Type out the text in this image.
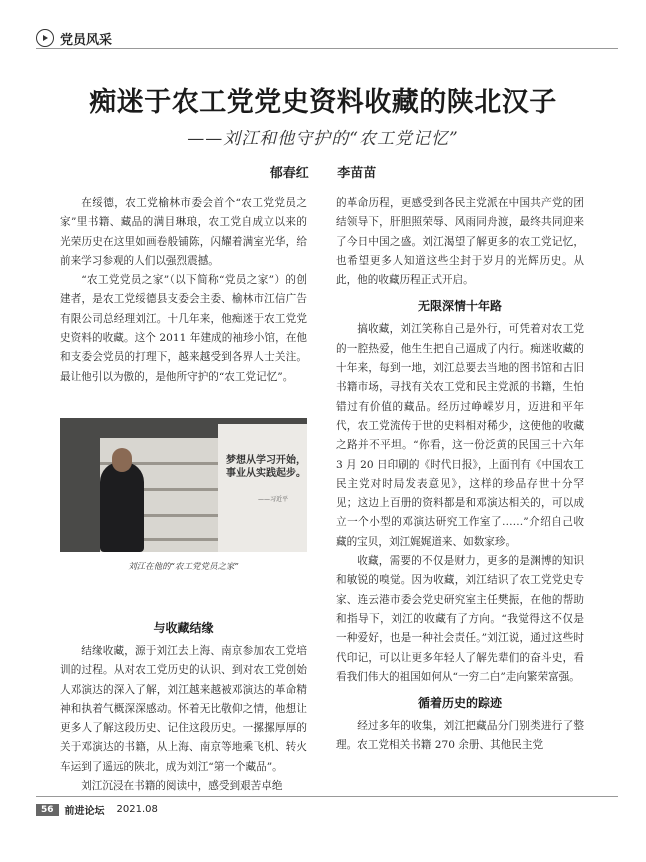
党员风采
痴迷于农工党党史资料收藏的陕北汉子
——刘江和他守护的“农工党记忆”
郁春红 李苗苗

在绥德，农工党榆林市委会首个“农工党党员之家”里书籍、藏品的满目琳琅，农工党自成立以来的光荣历史在这里如画卷般铺陈，闪耀着满室光华，给前来学习参观的人们以强烈震撼。

“农工党党员之家”（以下简称“党员之家”）的创建者，是农工党绥德县支委会主委、榆林市江信广告有限公司总经理刘江。十几年来，他痴迷于农工党党史资料的收藏。这个 2011 年建成的袖珍小馆，在他和支委会党员的打理下，越来越受到各界人士关注。最让他引以为傲的，是他所守护的“农工党记忆”。

梦想从学习开始，
事业从实践起步。
——习近平
刘江在他的“农工党党员之家”
与收藏结缘

结缘收藏，源于刘江去上海、南京参加农工党培训的过程。从对农工党历史的认识、到对农工党创始人邓演达的深入了解，刘江越来越被邓演达的革命精神和执着气概深深感动。怀着无比敬仰之情，他想让更多人了解这段历史、记住这段历史。一摞摞厚厚的关于邓演达的书籍，从上海、南京等地乘飞机、转火车运到了遥远的陕北，成为刘江“第一个藏品”。

刘江沉浸在书籍的阅读中，感受到艰苦卓绝

的革命历程，更感受到各民主党派在中国共产党的团结领导下，肝胆照荣辱、风雨同舟渡，最终共同迎来了今日中国之盛。刘江渴望了解更多的农工党记忆，也希望更多人知道这些尘封于岁月的光辉历史。从此，他的收藏历程正式开启。

无限深情十年路

搞收藏，刘江笑称自己是外行，可凭着对农工党的一腔热爱，他生生把自己逼成了内行。痴迷收藏的十年来，每到一地，刘江总要去当地的图书馆和古旧书籍市场，寻找有关农工党和民主党派的书籍，生怕错过有价值的藏品。经历过峥嵘岁月，迈进和平年代，农工党流传于世的史料相对稀少，这使他的收藏之路并不平坦。“你看，这一份泛黄的民国三十六年 3 月 20 日印刷的《时代日报》，上面刊有《中国农工民主党对时局发表意见》，这样的珍品存世十分罕见；这边上百册的资料都是和邓演达相关的，可以成立一个小型的邓演达研究工作室了……”介绍自己收藏的宝贝，刘江娓娓道来、如数家珍。

收藏，需要的不仅是财力，更多的是渊博的知识和敏锐的嗅觉。因为收藏，刘江结识了农工党党史专家、连云港市委会党史研究室主任樊振，在他的帮助和指导下，刘江的收藏有了方向。“我觉得这不仅是一种爱好，也是一种社会责任。”刘江说，通过这些时代印记，可以让更多年轻人了解先辈们的奋斗史，看看我们伟大的祖国如何从“一穷二白”走向繁荣富强。

循着历史的踪迹

经过多年的收集，刘江把藏品分门别类进行了整理。农工党相关书籍 270 余册、其他民主党

56	前进论坛 2021.08
